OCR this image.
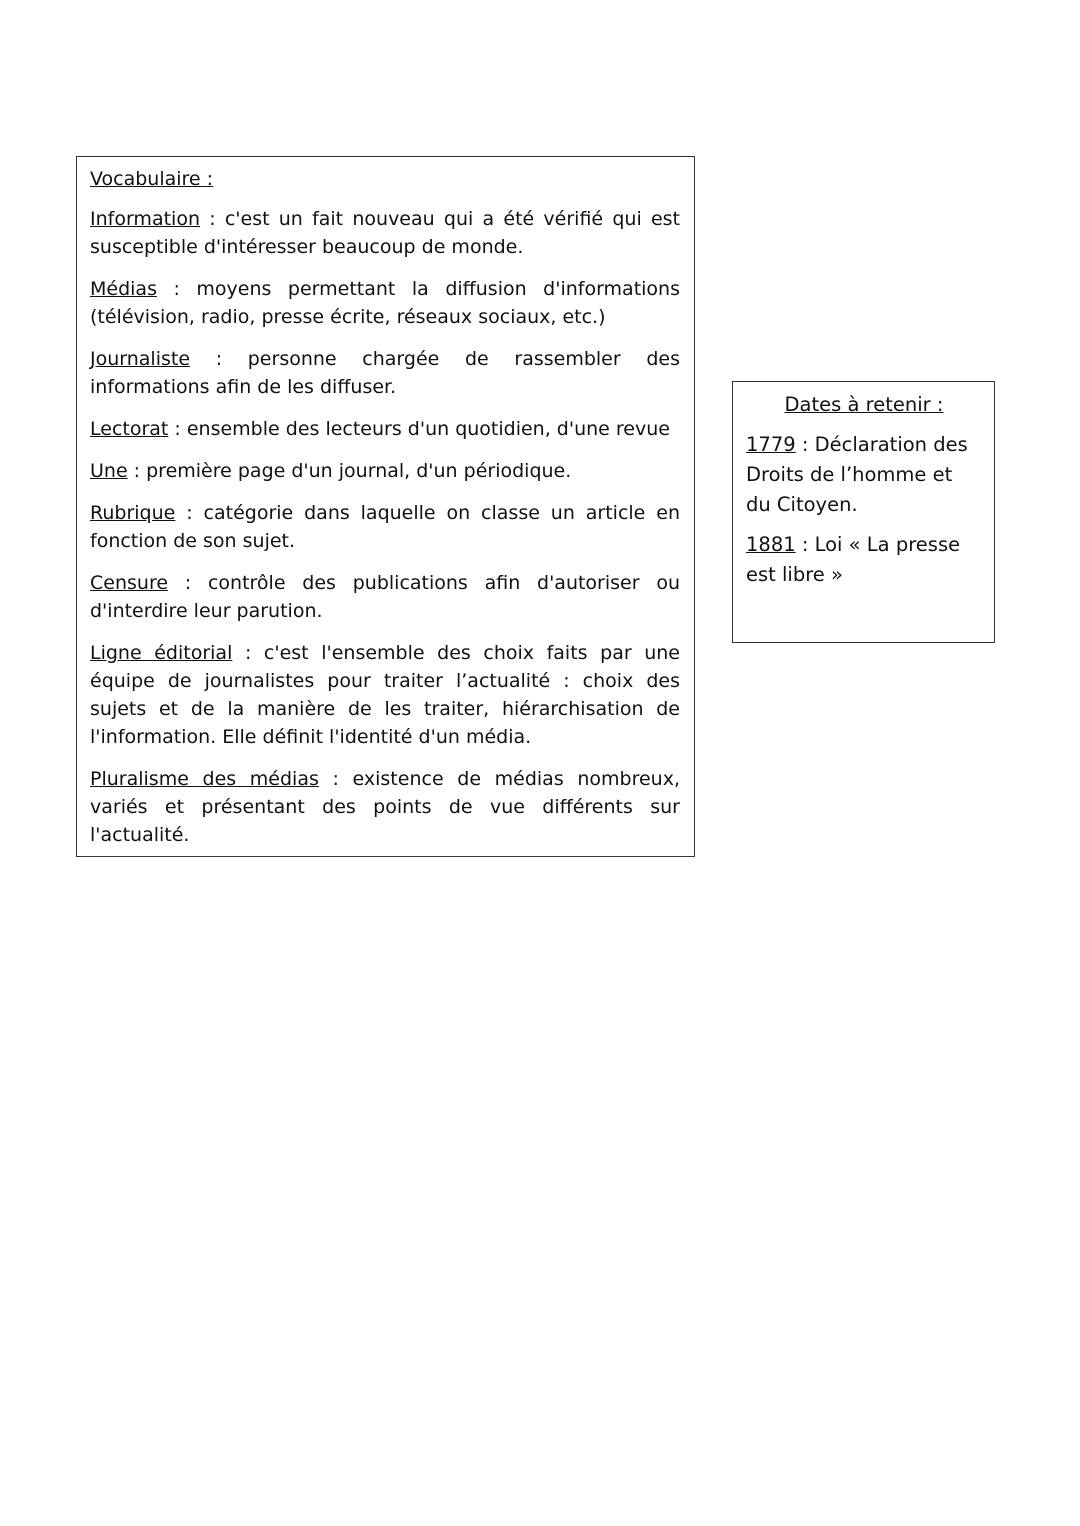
Vocabulaire :

Information : c'est un fait nouveau qui a été vérifié qui est susceptible d'intéresser beaucoup de monde.

Médias : moyens permettant la diffusion d'informations (télévision, radio, presse écrite, réseaux sociaux, etc.)

Journaliste : personne chargée de rassembler des informations afin de les diffuser.

Lectorat : ensemble des lecteurs d'un quotidien, d'une revue

Une : première page d'un journal, d'un périodique.

Rubrique : catégorie dans laquelle on classe un article en fonction de son sujet.

Censure : contrôle des publications afin d'autoriser ou d'interdire leur parution.

Ligne éditorial : c'est l'ensemble des choix faits par une équipe de journalistes pour traiter l’actualité : choix des sujets et de la manière de les traiter, hiérarchisation de l'information. Elle définit l'identité d'un média.

Pluralisme des médias : existence de médias nombreux, variés et présentant des points de vue différents sur l'actualité.

Dates à retenir :

1779 : Déclaration des Droits de l’homme et du Citoyen.

1881 : Loi « La presse est libre »
